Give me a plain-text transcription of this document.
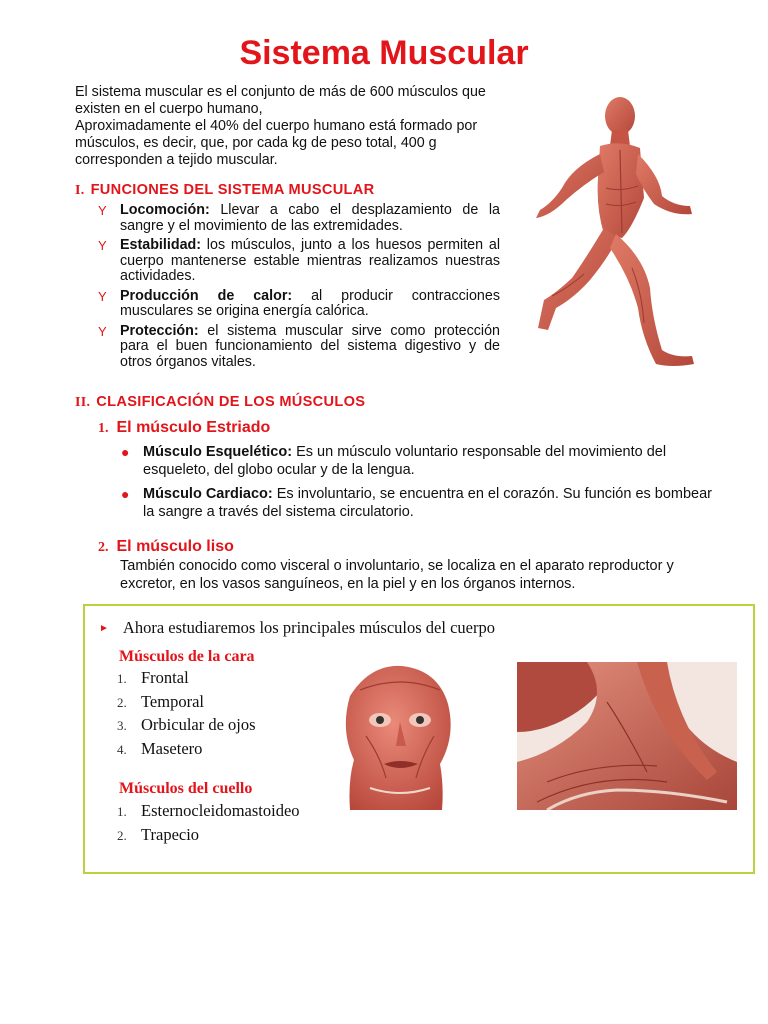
Sistema Muscular

El sistema muscular es el conjunto de más de 600 músculos que existen en el cuerpo humano,

Aproximadamente el 40% del cuerpo humano está formado por músculos, es decir, que, por cada kg de peso total, 400 g corresponden a tejido muscular.

I. FUNCIONES DEL SISTEMA MUSCULAR
Y Locomoción: Llevar a cabo el desplazamiento de la sangre y el movimiento de las extremidades.
Y Estabilidad: los músculos, junto a los huesos permiten al cuerpo mantenerse estable mientras realizamos nuestras actividades.
Y Producción de calor: al producir contracciones musculares se origina energía calórica.
Y Protección: el sistema muscular sirve como protección para el buen funcionamiento del sistema digestivo y de otros órganos vitales.
II. CLASIFICACIÓN DE LOS MÚSCULOS
1. El músculo Estriado
● Músculo Esquelético: Es un músculo voluntario responsable del movimiento del esqueleto, del globo ocular y de la lengua.
● Músculo Cardiaco: Es involuntario, se encuentra en el corazón. Su función es bombear la sangre a través del sistema circulatorio.
2. El músculo liso
También conocido como visceral o involuntario, se localiza en el aparato reproductor y excretor, en los vasos sanguíneos, en la piel y en los órganos internos.
► Ahora estudiaremos los principales músculos del cuerpo
Músculos de la cara
1. Frontal
2. Temporal
3. Orbicular de ojos
4. Masetero
Músculos del cuello
1. Esternocleidomastoideo
2. Trapecio
